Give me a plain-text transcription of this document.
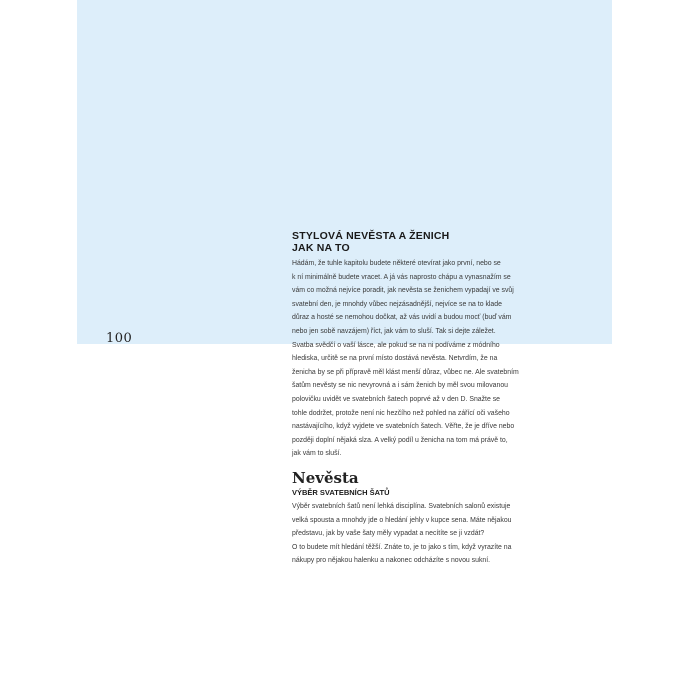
100
STYLOVÁ NEVĚSTA A ŽENICH
JAK NA TO

Hádám, že tuhle kapitolu budete některé otevírat jako první, nebo se
k ní minimálně budete vracet. A já vás naprosto chápu a vynasnažím se
vám co možná nejvíce poradit, jak nevěsta se ženichem vypadají ve svůj
svatební den, je mnohdy vůbec nejzásadnější, nejvíce se na to klade
důraz a hosté se nemohou dočkat, až vás uvidí a budou mocť (buď vám
nebo jen sobě navzájem) říct, jak vám to sluší. Tak si dejte záležet.
Svatba svědčí o vaší lásce, ale pokud se na ni podíváme z módního
hlediska, určitě se na první místo dostává nevěsta. Netvrdím, že na
ženicha by se při přípravě měl klást menší důraz, vůbec ne. Ale svatebním
šatům nevěsty se nic nevyrovná a i sám ženich by měl svou milovanou
polovičku uvidět ve svatebních šatech poprvé až v den D. Snažte se
tohle dodržet, protože není nic hezčího než pohled na zářící oči vašeho
nastávajícího, když vyjdete ve svatebních šatech. Věřte, že je dříve nebo
později doplní nějaká slza. A velký podíl u ženicha na tom má právě to,
jak vám to sluší.

Nevěsta
VÝBĚR SVATEBNÍCH ŠATŮ

Výběr svatebních šatů není lehká disciplína. Svatebních salonů existuje
velká spousta a mnohdy jde o hledání jehly v kupce sena. Máte nějakou
představu, jak by vaše šaty měly vypadat a necítíte se ji vzdát?
O to budete mít hledání těžší. Znáte to, je to jako s tím, když vyrazíte na
nákupy pro nějakou halenku a nakonec odcházíte s novou sukní.
